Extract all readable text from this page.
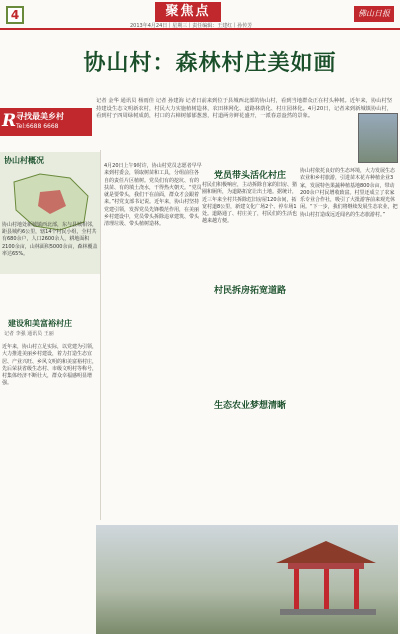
4	聚焦点
2013年4月24日丨星期三丨责任编辑：王建红丨孙传芳
佛山日报
协山村：森林村庄美如画
R 寻找最美乡村
Tel:6688 6668
记者 金华 通讯员 杨雨佳 记者 孙建海 记者日前来到位于县城西北部的协山村，看到当地群众正在村头种树。近年来，协山村坚持建设生态文明新农村，村民大力实施植树造林，农田林网化、道路林荫化、村庄园林化。4月20日，记者来到新城镇协山村，看到村子四周绿树成荫，村口的古樟树郁郁葱葱，村道两旁鲜花盛开，一派春意盎然的景象。
协山村概况
协山村地处新城镇西北部，东与县城相邻，距县城约6公里，辖14个村民小组，全村共有680余户，人口2600余人，耕地面积2100余亩，山林面积5000余亩，森林覆盖率达65%。
建设和美富裕村庄
记者 李强 通讯员 王丽
近年来，协山村立足实际，以党建为引领，大力推进美丽乡村建设，着力打造生态宜居、产业兴旺、乡风文明的和美富裕村庄，先后荣获省级生态村、市级文明村等称号，村集体经济不断壮大，群众幸福感明显增强。
4月20日上午9时许，协山村党员志愿者早早来到村委会，领取树苗和工具，分组前往各自的责任片区植树。党员们有的挖坑、有的扶苗、有的填土浇水，干得热火朝天。“党员就是要带头，我们干在前面，群众才会跟着来。”村党支部书记说。近年来，协山村坚持党建引领，发挥党员先锋模范作用，在美丽乡村建设中，党员带头拆除违章建筑、带头清理垃圾、带头植树造林。
党员带头活化村庄
村民们积极响应，主动拆除自家的旧房、猪圈和厕所，为道路拓宽让出土地。据统计，近三年来全村共拆除危旧房屋120余间，拓宽村道8公里，新建文化广场2个、停车场1处。道路通了、村庄美了，村民们的生活也越来越方便。
村民拆房拓宽道路
生态农业梦想清晰
协山村依托良好的生态环境，大力发展生态农业和乡村旅游，引进苗木花卉种植企业3家，发展特色果蔬种植基地800余亩，带动200余户村民增收致富。村里还成立了农家乐专业合作社，吸引了大批游客前来观光休闲。“下一步，我们将继续发展生态农业，把协山村打造成远近闻名的生态旅游村。”
